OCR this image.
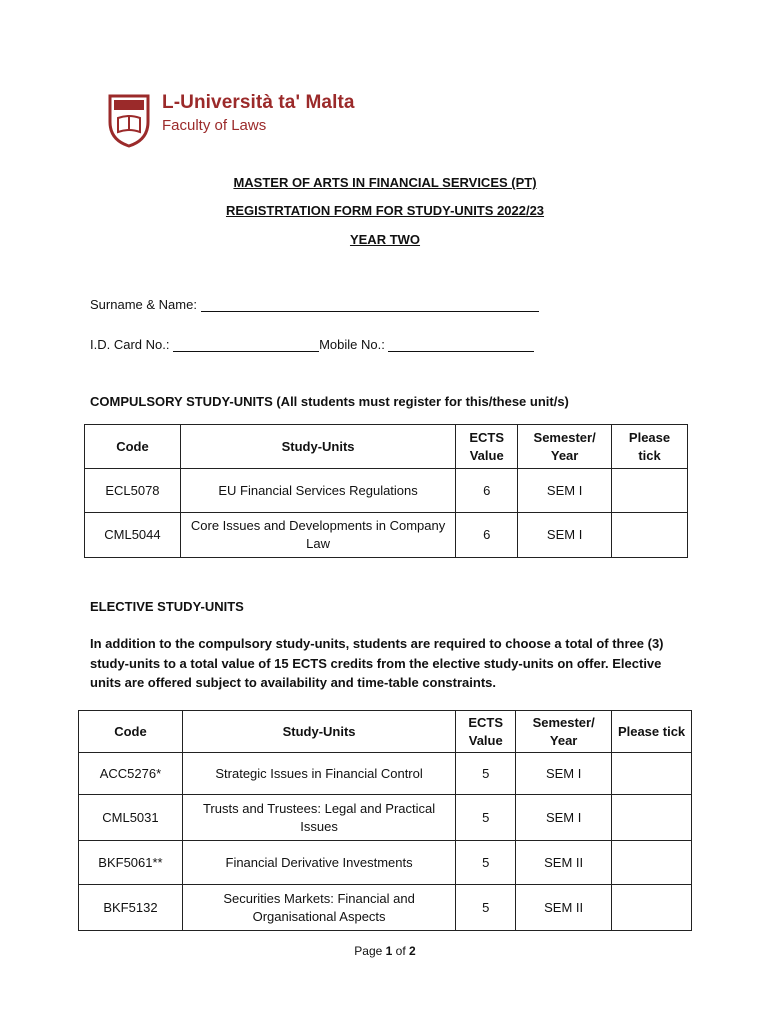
L-Università ta' Malta
Faculty of Laws
MASTER OF ARTS IN FINANCIAL SERVICES (PT)
REGISTRTATION FORM FOR STUDY-UNITS 2022/23
YEAR TWO
Surname & Name:
I.D. Card No.:	Mobile No.:
COMPULSORY STUDY-UNITS (All students must register for this/these unit/s)
Code	Study-Units	ECTS Value	Semester/ Year	Please tick
ECL5078	EU Financial Services Regulations	6	SEM I	
CML5044	Core Issues and Developments in Company Law	6	SEM I	
ELECTIVE STUDY-UNITS
In addition to the compulsory study-units, students are required to choose a total of three (3) study-units to a total value of 15 ECTS credits from the elective study-units on offer. Elective units are offered subject to availability and time-table constraints.
Code	Study-Units	ECTS Value	Semester/ Year	Please tick
ACC5276*	Strategic Issues in Financial Control	5	SEM I	
CML5031	Trusts and Trustees: Legal and Practical Issues	5	SEM I	
BKF5061**	Financial Derivative Investments	5	SEM II	
BKF5132	Securities Markets: Financial and Organisational Aspects	5	SEM II	
Page 1 of 2
